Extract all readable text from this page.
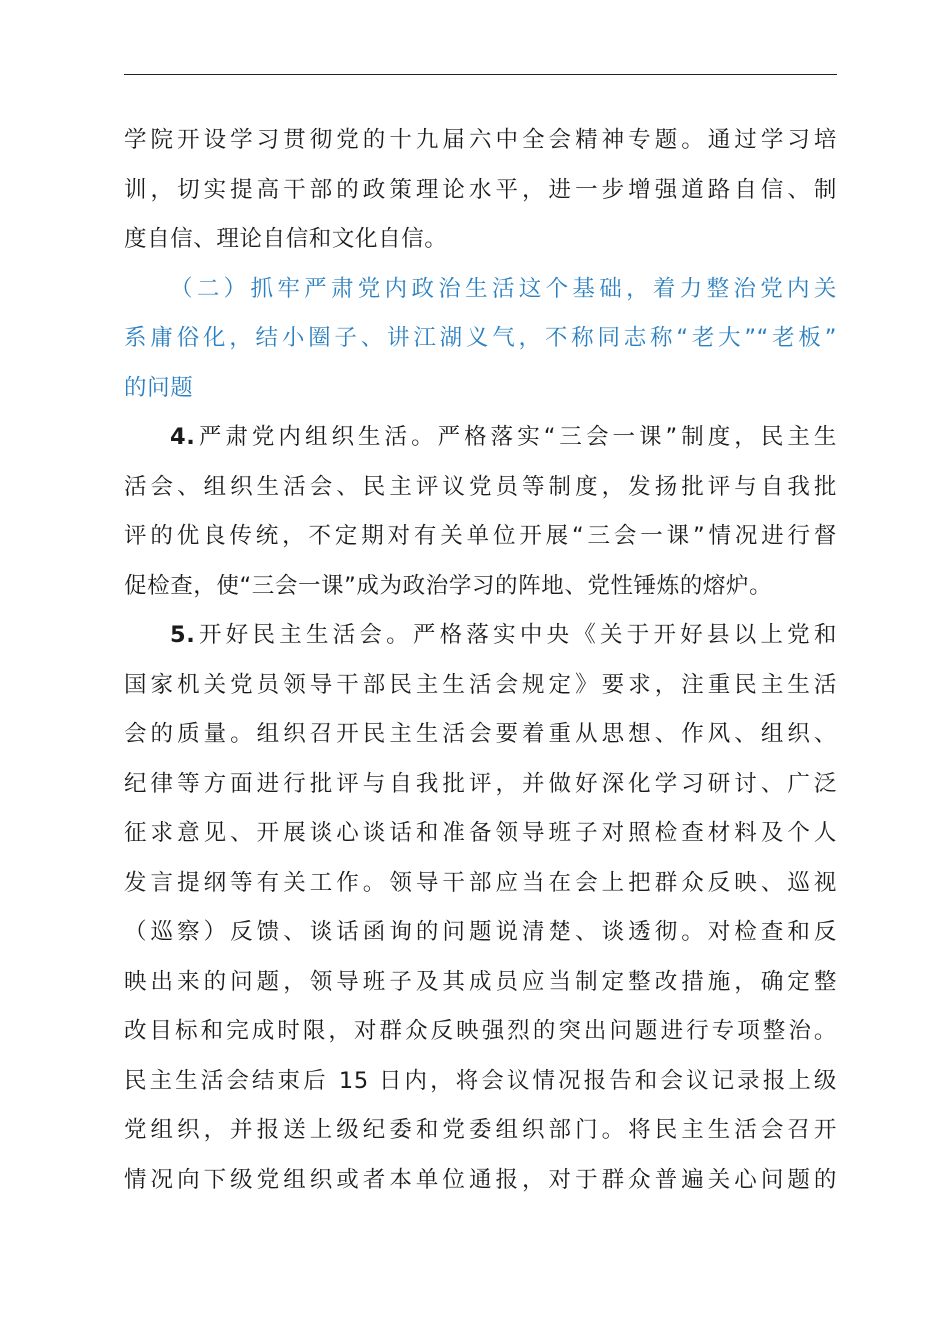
学院开设学习贯彻党的十九届六中全会精神专题。通过学习培
训，切实提高干部的政策理论水平，进一步增强道路自信、制
度自信、理论自信和文化自信。

（二）抓牢严肃党内政治生活这个基础，着力整治党内关
系庸俗化，结小圈子、讲江湖义气，不称同志称“老大”“老板”
的问题

4.严肃党内组织生活。严格落实“三会一课”制度，民主生
活会、组织生活会、民主评议党员等制度，发扬批评与自我批
评的优良传统，不定期对有关单位开展“三会一课”情况进行督
促检查，使“三会一课”成为政治学习的阵地、党性锤炼的熔炉。

5.开好民主生活会。严格落实中央《关于开好县以上党和
国家机关党员领导干部民主生活会规定》要求，注重民主生活
会的质量。组织召开民主生活会要着重从思想、作风、组织、
纪律等方面进行批评与自我批评，并做好深化学习研讨、广泛
征求意见、开展谈心谈话和准备领导班子对照检查材料及个人
发言提纲等有关工作。领导干部应当在会上把群众反映、巡视
（巡察）反馈、谈话函询的问题说清楚、谈透彻。对检查和反
映出来的问题，领导班子及其成员应当制定整改措施，确定整
改目标和完成时限，对群众反映强烈的突出问题进行专项整治。
民主生活会结束后 15 日内，将会议情况报告和会议记录报上级
党组织，并报送上级纪委和党委组织部门。将民主生活会召开
情况向下级党组织或者本单位通报，对于群众普遍关心问题的
